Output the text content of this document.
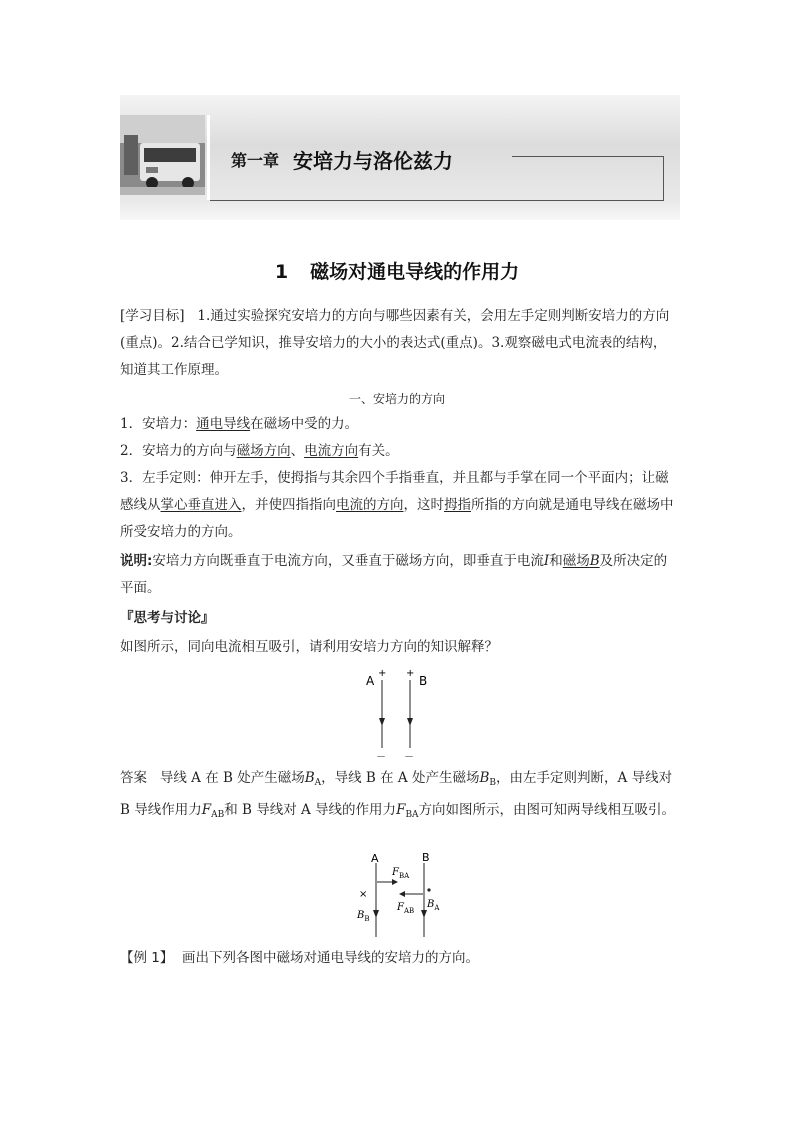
第一章 安培力与洛伦兹力
1 磁场对通电导线的作用力
[学习目标] 1.通过实验探究安培力的方向与哪些因素有关，会用左手定则判断安培力的方向(重点)。2.结合已学知识，推导安培力的大小的表达式(重点)。3.观察磁电式电流表的结构，知道其工作原理。
一、安培力的方向
1．安培力：通电导线在磁场中受的力。
2．安培力的方向与磁场方向、电流方向有关。
3．左手定则：伸开左手，使拇指与其余四个手指垂直，并且都与手掌在同一个平面内；让磁感线从掌心垂直进入，并使四指指向电流的方向，这时拇指所指的方向就是通电导线在磁场中所受安培力的方向。
说明:安培力方向既垂直于电流方向，又垂直于磁场方向，即垂直于电流I和磁场B及所决定的平面。
『思考与讨论』
如图所示，同向电流相互吸引，请利用安培力方向的知识解释？
A	B
+ +
－ －
答案 导线 A 在 B 处产生磁场$B_A$，导线 B 在 A 处产生磁场$B_B$，由左手定则判断，A 导线对 B 导线作用力$F_{AB}$和 B 导线对 A 导线的作用力$F_{BA}$方向如图所示，由图可知两导线相互吸引。
A	B
$F_{BA}$
$F_{AB}$
×
$B_B$
$B_A$
【例 1】 画出下列各图中磁场对通电导线的安培力的方向。
